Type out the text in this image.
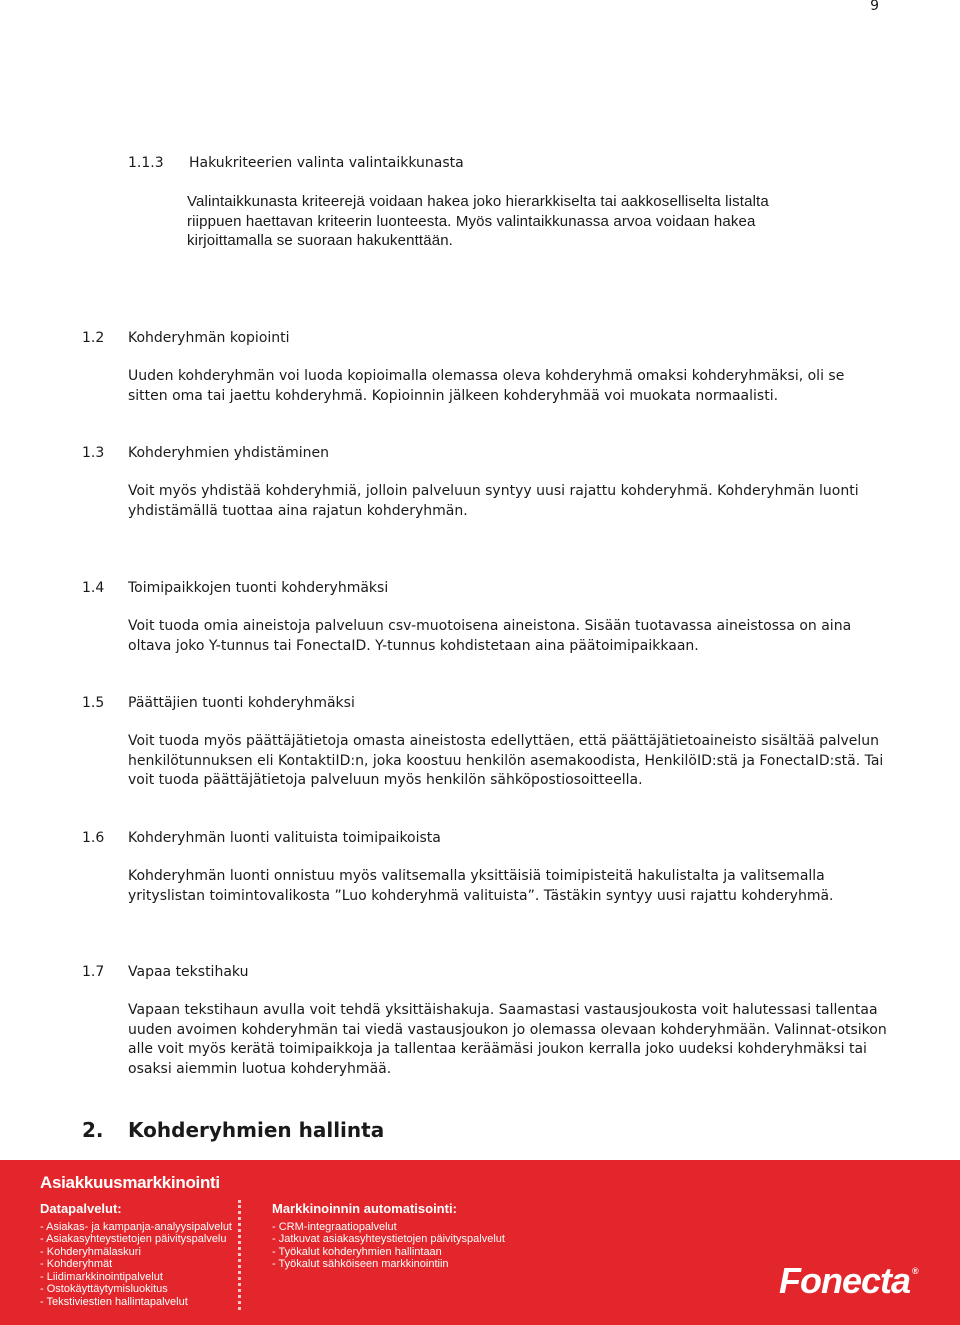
9
1.1.3 Hakukriteerien valinta valintaikkunasta
Valintaikkunasta kriteerejä voidaan hakea joko hierarkkiselta tai aakkoselliselta listalta
riippuen haettavan kriteerin luonteesta. Myös valintaikkunassa arvoa voidaan hakea
kirjoittamalla se suoraan hakukenttään.
1.2 Kohderyhmän kopiointi

Uuden kohderyhmän voi luoda kopioimalla olemassa oleva kohderyhmä omaksi kohderyhmäksi, oli se sitten oma tai jaettu kohderyhmä. Kopioinnin jälkeen kohderyhmää voi muokata normaalisti.

1.3 Kohderyhmien yhdistäminen

Voit myös yhdistää kohderyhmiä, jolloin palveluun syntyy uusi rajattu kohderyhmä. Kohderyhmän luonti yhdistämällä tuottaa aina rajatun kohderyhmän.

1.4 Toimipaikkojen tuonti kohderyhmäksi

Voit tuoda omia aineistoja palveluun csv-muotoisena aineistona. Sisään tuotavassa aineistossa on aina oltava joko Y-tunnus tai FonectaID. Y-tunnus kohdistetaan aina päätoimipaikkaan.

1.5 Päättäjien tuonti kohderyhmäksi

Voit tuoda myös päättäjätietoja omasta aineistosta edellyttäen, että päättäjätietoaineisto sisältää palvelun henkilötunnuksen eli KontaktiID:n, joka koostuu henkilön asemakoodista, HenkilöID:stä ja FonectaID:stä. Tai voit tuoda päättäjätietoja palveluun myös henkilön sähköpostiosoitteella.

1.6 Kohderyhmän luonti valituista toimipaikoista

Kohderyhmän luonti onnistuu myös valitsemalla yksittäisiä toimipisteitä hakulistalta ja valitsemalla yrityslistan toimintovalikosta ”Luo kohderyhmä valituista”. Tästäkin syntyy uusi rajattu kohderyhmä.

1.7 Vapaa tekstihaku

Vapaan tekstihaun avulla voit tehdä yksittäishakuja. Saamastasi vastausjoukosta voit halutessasi tallentaa uuden avoimen kohderyhmän tai viedä vastausjoukon jo olemassa olevaan kohderyhmään. Valinnat-otsikon alle voit myös kerätä toimipaikkoja ja tallentaa keräämäsi joukon kerralla joko uudeksi kohderyhmäksi tai osaksi aiemmin luotua kohderyhmää.

2. Kohderyhmien hallinta
Asiakkuusmarkkinointi
Datapalvelut:
- Asiakas- ja kampanja-analyysipalvelut
- Asiakasyhteystietojen päivityspalvelu
- Kohderyhmälaskuri
- Kohderyhmät
- Liidimarkkinointipalvelut
- Ostokäyttäytymisluokitus
- Tekstiviestien hallintapalvelut
Markkinoinnin automatisointi:
- CRM-integraatiopalvelut
- Jatkuvat asiakasyhteystietojen päivityspalvelut
- Työkalut kohderyhmien hallintaan
- Työkalut sähköiseen markkinointiin	Fonecta ®
